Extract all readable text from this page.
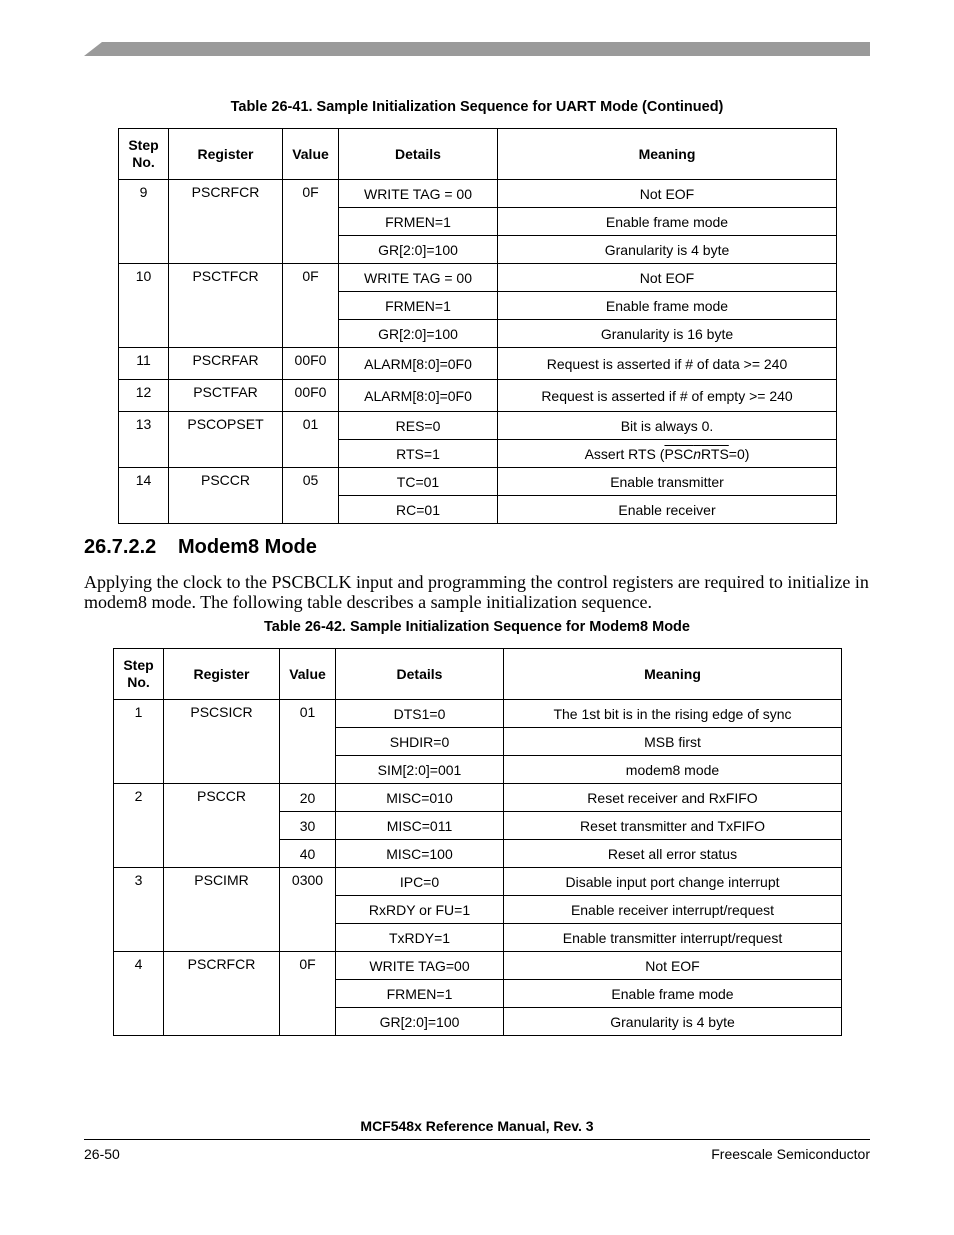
Table 26-41. Sample Initialization Sequence for UART Mode (Continued)
Step No.	Register	Value	Details	Meaning
9	PSCRFCR	0F	WRITE TAG = 00	Not EOF
			FRMEN=1	Enable frame mode
			GR[2:0]=100	Granularity is 4 byte
10	PSCTFCR	0F	WRITE TAG = 00	Not EOF
			FRMEN=1	Enable frame mode
			GR[2:0]=100	Granularity is 16 byte
11	PSCRFAR	00F0	ALARM[8:0]=0F0	Request is asserted if # of data >= 240
12	PSCTFAR	00F0	ALARM[8:0]=0F0	Request is asserted if # of empty >= 240
13	PSCOPSET	01	RES=0	Bit is always 0.
			RTS=1	Assert RTS (PSCnRTS=0)
14	PSCCR	05	TC=01	Enable transmitter
			RC=01	Enable receiver
26.7.2.2 Modem8 Mode
Applying the clock to the PSCBCLK input and programming the control registers are required to initialize in modem8 mode. The following table describes a sample initialization sequence.
Table 26-42. Sample Initialization Sequence for Modem8 Mode
Step No.	Register	Value	Details	Meaning
1	PSCSICR	01	DTS1=0	The 1st bit is in the rising edge of sync
			SHDIR=0	MSB first
			SIM[2:0]=001	modem8 mode
2	PSCCR	20	MISC=010	Reset receiver and RxFIFO
		30	MISC=011	Reset transmitter and TxFIFO
		40	MISC=100	Reset all error status
3	PSCIMR	0300	IPC=0	Disable input port change interrupt
			RxRDY or FU=1	Enable receiver interrupt/request
			TxRDY=1	Enable transmitter interrupt/request
4	PSCRFCR	0F	WRITE TAG=00	Not EOF
			FRMEN=1	Enable frame mode
			GR[2:0]=100	Granularity is 4 byte
MCF548x Reference Manual, Rev. 3
26-50	Freescale Semiconductor
